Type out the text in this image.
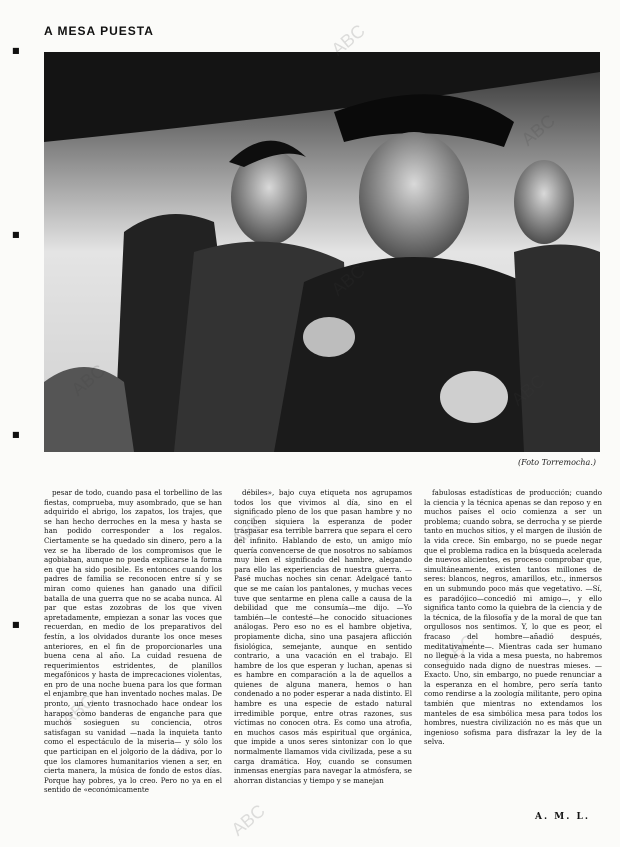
A MESA PUESTA
■
■
■
■
(Foto Torremocha.)

pesar de todo, cuando pasa el torbellino de las fiestas, comprueba, muy asombrado, que se han adquirido el abrigo, los zapatos, los trajes, que se han hecho derroches en la mesa y hasta se han podido corresponder a los regalos. Ciertamente se ha quedado sin dinero, pero a la vez se ha liberado de los compromisos que le agobiaban, aunque no pueda explicarse la forma en que ha sido posible. Es entonces cuando los padres de familia se reconocen entre sí y se miran como quienes han ganado una difícil batalla de una guerra que no se acaba nunca. Al par que estas zozobras de los que viven apretadamente, empiezan a sonar las voces que recuerdan, en medio de los preparativos del festín, a los olvidados durante los once meses anteriores, en el fin de proporcionarles una buena cena al año. La cuidad resuena de requerimientos estridentes, de planillos megafónicos y hasta de imprecaciones violentas, en pro de una noche buena para los que forman el enjambre que han inventado noches malas. De pronto, un viento trasnochado hace ondear los harapos como banderas de enganche para que muchos sosieguen su conciencia, otros satisfagan su vanidad —nada la inquieta tanto como el espectáculo de la miseria— y sólo los que participan en el jolgorio de la dádiva, por lo que los clamores humanitarios vienen a ser, en cierta manera, la música de fondo de estos días. Porque hay pobres, ya lo creo. Pero no ya en el sentido de «económicamente

débiles», bajo cuya etiqueta nos agrupamos todos los que vivimos al día, sino en el significado pleno de los que pasan hambre y no conciben siquiera la esperanza de poder traspasar esa terrible barrera que separa el cero del infinito. Hablando de esto, un amigo mío quería convencerse de que nosotros no sabíamos muy bien el significado del hambre, alegando para ello las experiencias de nuestra guerra. —Pasé muchas noches sin cenar. Adelgacé tanto que se me caían los pantalones, y muchas veces tuve que sentarme en plena calle a causa de la debilidad que me consumía—me dijo. —Yo también—le contesté—he conocido situaciones análogas. Pero eso no es el hambre objetiva, propiamente dicha, sino una pasajera aflicción fisiológica, semejante, aunque en sentido contrario, a una vacación en el trabajo. El hambre de los que esperan y luchan, apenas si es hambre en comparación a la de aquellos a quienes de alguna manera, hemos o han condenado a no poder esperar a nada distinto. El hambre es una especie de estado natural irredimible porque, entre otras razones, sus víctimas no conocen otra. Es como una atrofia, en muchos casos más espiritual que orgánica, que impide a unos seres sintonizar con lo que normalmente llamamos vida civilizada, pese a su carga dramática. Hoy, cuando se consumen inmensas energías para navegar la atmósfera, se ahorran distancias y tiempo y se manejan

fabulosas estadísticas de producción; cuando la ciencia y la técnica apenas se dan reposo y en muchos países el ocio comienza a ser un problema; cuando sobra, se derrocha y se pierde tanto en muchos sitios, y el margen de ilusión de la vida crece. Sin embargo, no se puede negar que el problema radica en la búsqueda acelerada de nuevos alicientes, es proceso comprobar que, simultáneamente, existen tantos millones de seres: blancos, negros, amarillos, etc., inmersos en un submundo poco más que vegetativo. —Sí, es paradójico—concedió mi amigo—, y ello significa tanto como la quiebra de la ciencia y de la técnica, de la filosofía y de la moral de que tan orgullosos nos sentimos. Y, lo que es peor, el fracaso del hombre—añadió después, meditativamente—. Mientras cada ser humano no llegue a la vida a mesa puesta, no habremos conseguido nada digno de nuestras mieses. —Exacto. Uno, sin embargo, no puede renunciar a la esperanza en el hombre, pero sería tanto como rendirse a la zoología militante, pero opina también que mientras no extendamos los manteles de esa simbólica mesa para todos los hombres, nuestra civilización no es más que un ingenioso sofisma para disfrazar la ley de la selva.

A. M. L.
ABC
ABC
ABC
ABC
ABC
